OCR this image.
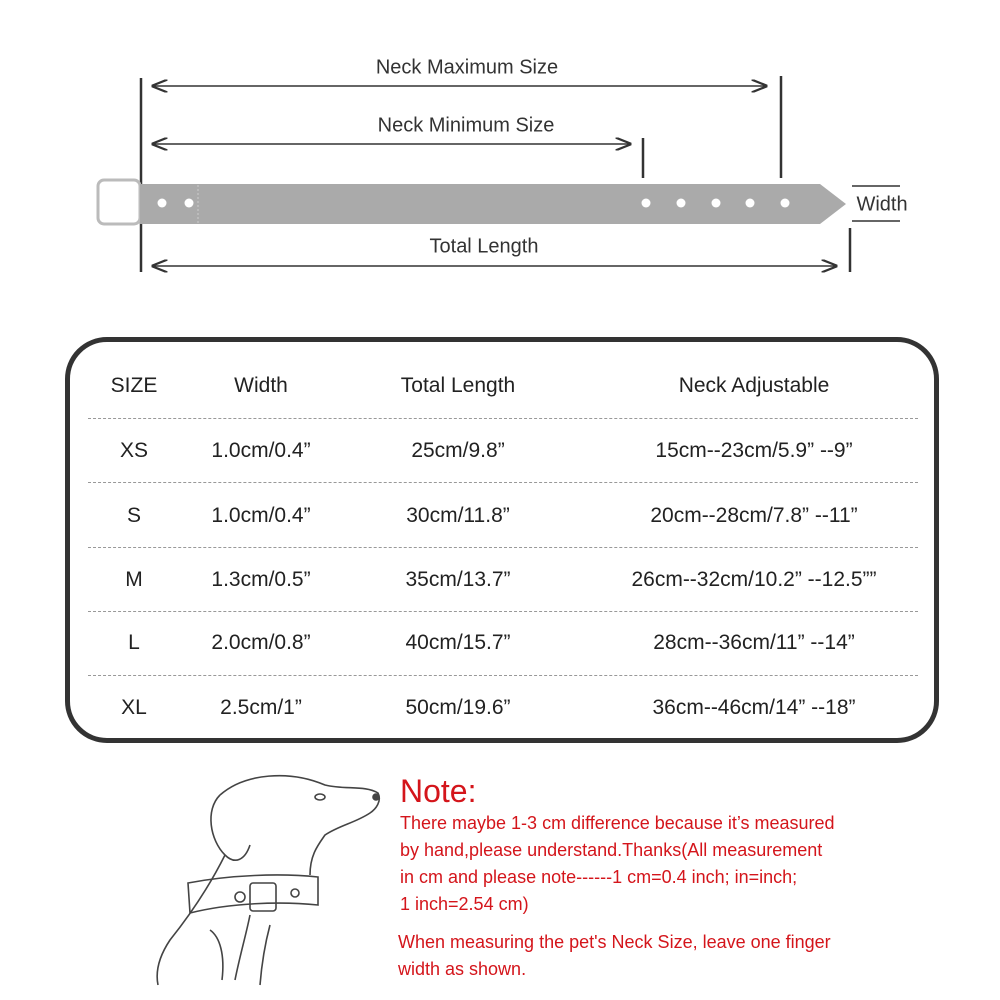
Neck Maximum Size
Neck Minimum Size
Total Length
Width
SIZE	Width	Total Length	Neck Adjustable
XS	1.0cm/0.4”	25cm/9.8”	15cm--23cm/5.9” --9”
S	1.0cm/0.4”	30cm/11.8”	20cm--28cm/7.8” --11”
M	1.3cm/0.5”	35cm/13.7”	26cm--32cm/10.2” --12.5””
L	2.0cm/0.8”	40cm/15.7”	28cm--36cm/11” --14”
XL	2.5cm/1”	50cm/19.6”	36cm--46cm/14” --18”
Note:
There maybe 1-3 cm difference because it’s measured
by hand,please understand.Thanks(All measurement
in cm and please note------1 cm=0.4 inch; in=inch;
1 inch=2.54 cm)
When measuring the pet's Neck Size, leave one finger
width as shown.
